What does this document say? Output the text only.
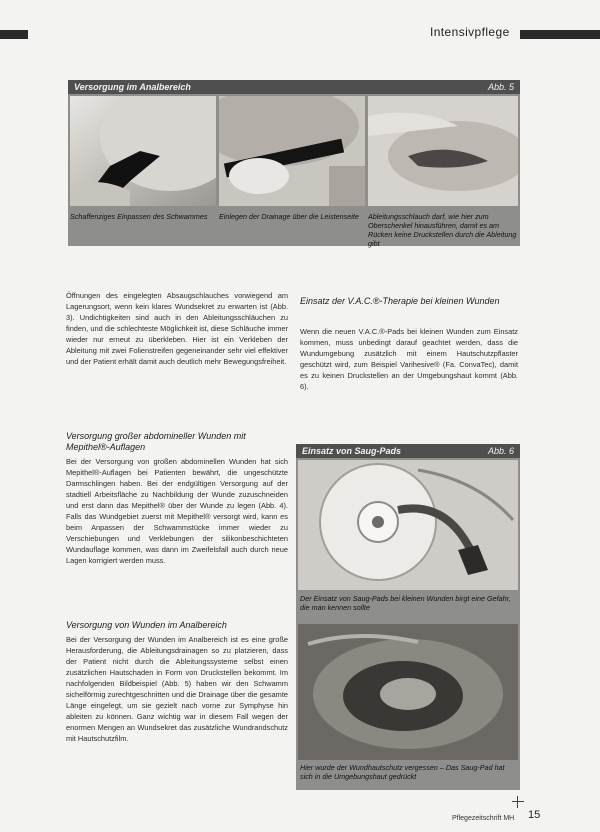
Intensivpflege
Versorgung im Analbereich	Abb. 5
Schaffenziges Einpassen des Schwammes	Einlegen der Drainage über die Leistenseite Ableitungsschlauch darf, wie hier zum Oberschenkel hinausführen, damit es am Rücken keine Druckstellen durch die Ableitung gibt
Öffnungen des eingelegten Absaugschlauches vorwiegend am Lagerungsort, wenn kein klares Wundsekret zu erwarten ist (Abb. 3). Undichtigkeiten sind auch in den Ableitungsschläuchen zu finden, und die schlechteste Möglichkeit ist, diese Schläuche immer wieder nur erneut zu überkleben. Hier ist ein Verkleben der Ableitung mit zwei Folienstreifen gegeneinander sehr viel effektiver und der Patient erhält damit auch deutlich mehr Bewegungsfreiheit.
Versorgung großer abdomineller Wunden mit Mepithel®-Auflagen
Bei der Versorgung von großen abdominellen Wunden hat sich Mepithel®-Auflagen bei Patienten bewährt, die ungeschützte Darmschlingen haben. Bei der endgültigen Versorgung auf der stadtiell Arbeitsfläche zu Nachbildung der Wunde zuzuschneiden und erst dann das Mepithel® über der Wunde zu legen (Abb. 4). Falls das Wundgebiet zuerst mit Mepithel® versorgt wird, kann es beim Anpassen der Schwammstücke immer wieder zu Verschiebungen und Verklebungen der silikonbeschichteten Wundauflage kommen, was dann im Zweifelsfall auch durch neue Lagen korrigiert werden muss.
Versorgung von Wunden im Analbereich
Bei der Versorgung der Wunden im Analbereich ist es eine große Herausforderung, die Ableitungsdrainagen so zu platzieren, dass der Patient nicht durch die Ableitungssysteme selbst einen zusätzlichen Hautschaden in Form von Druckstellen bekommt. Im nachfolgenden Bildbeispiel (Abb. 5) haben wir den Schwamm sichelförmig zurechtgeschnitten und die Drainage über die gesamte Länge eingelegt, um sie gezielt nach vorne zur Symphyse hin ableiten zu können. Ganz wichtig war in diesem Fall wegen der enormen Mengen an Wundsekret das zusätzliche Wundrandschutz mit Hautschutzfilm.
Einsatz der V.A.C.®-Therapie bei kleinen Wunden
Wenn die neuen V.A.C.®-Pads bei kleinen Wunden zum Einsatz kommen, muss unbedingt darauf geachtet werden, dass die Wundumgebung zusätzlich mit einem Hautschutzpflaster geschützt wird, zum Beispiel Varihesive® (Fa. ConvaTec), damit es zu keinen Druckstellen an der Umgebungshaut kommt (Abb. 6).
Einsatz von Saug-Pads	Abb. 6
Der Einsatz von Saug-Pads bei kleinen Wunden birgt eine Gefahr, die man kennen sollte
Hier wurde der Wundhautschutz vergessen – Das Saug-Pad hat sich in die Umgebungshaut gedrückt
Pflegezeitschrift MH 15
